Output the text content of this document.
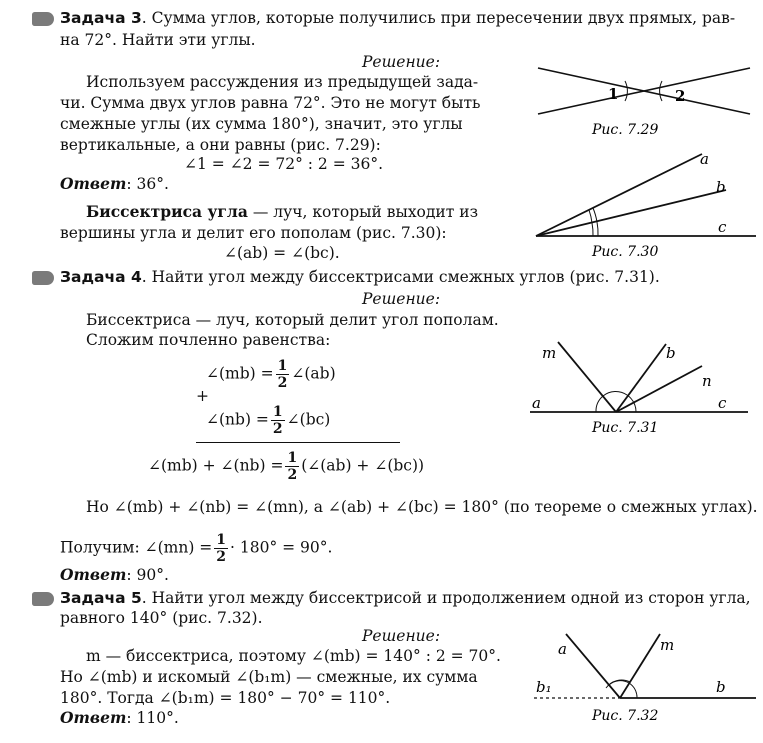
Задача 3. Сумма углов, которые получились при пересечении двух прямых, рав-
на 72°. Найти эти углы.
Решение:
Используем рассуждения из предыдущей зада-
чи. Сумма двух углов равна 72°. Это не могут быть
смежные углы (их сумма 180°), значит, это углы
вертикальные, а они равны (рис. 7.29):
∠1 = ∠2 = 72° : 2 = 36°.
Ответ: 36°.
Биссектриса угла — луч, который выходит из
вершины угла и делит его пополам (рис. 7.30):
∠(ab) = ∠(bc).
1	2
Рис. 7.29
a
b
c
Рис. 7.30
Задача 4. Найти угол между биссектрисами смежных углов (рис. 7.31).
Решение:
Биссектриса — луч, который делит угол пополам.
Сложим почленно равенства:
∠(mb) = $\frac{1}{2}$ ∠(ab)
+
∠(nb) = $\frac{1}{2}$ ∠(bc)
∠(mb) + ∠(nb) = $\frac{1}{2}$ (∠(ab) + ∠(bc))
Но ∠(mb) + ∠(nb) = ∠(mn), а ∠(ab) + ∠(bc) = 180° (по теореме о смежных углах).
Получим: ∠(mn) = $\frac{1}{2} \cdot 180^\circ = 90^\circ$.
Ответ: 90°.
m	b
n
a	c
Рис. 7.31
Задача 5. Найти угол между биссектрисой и продолжением одной из сторон угла,
равного 140° (рис. 7.32).
Решение:
m — биссектриса, поэтому ∠(mb) = 140° : 2 = 70°.
Но ∠(mb) и искомый ∠(b₁m) — смежные, их сумма
180°. Тогда ∠(b₁m) = 180° − 70° = 110°.
Ответ: 110°.
a	m
b₁	b
Рис. 7.32
